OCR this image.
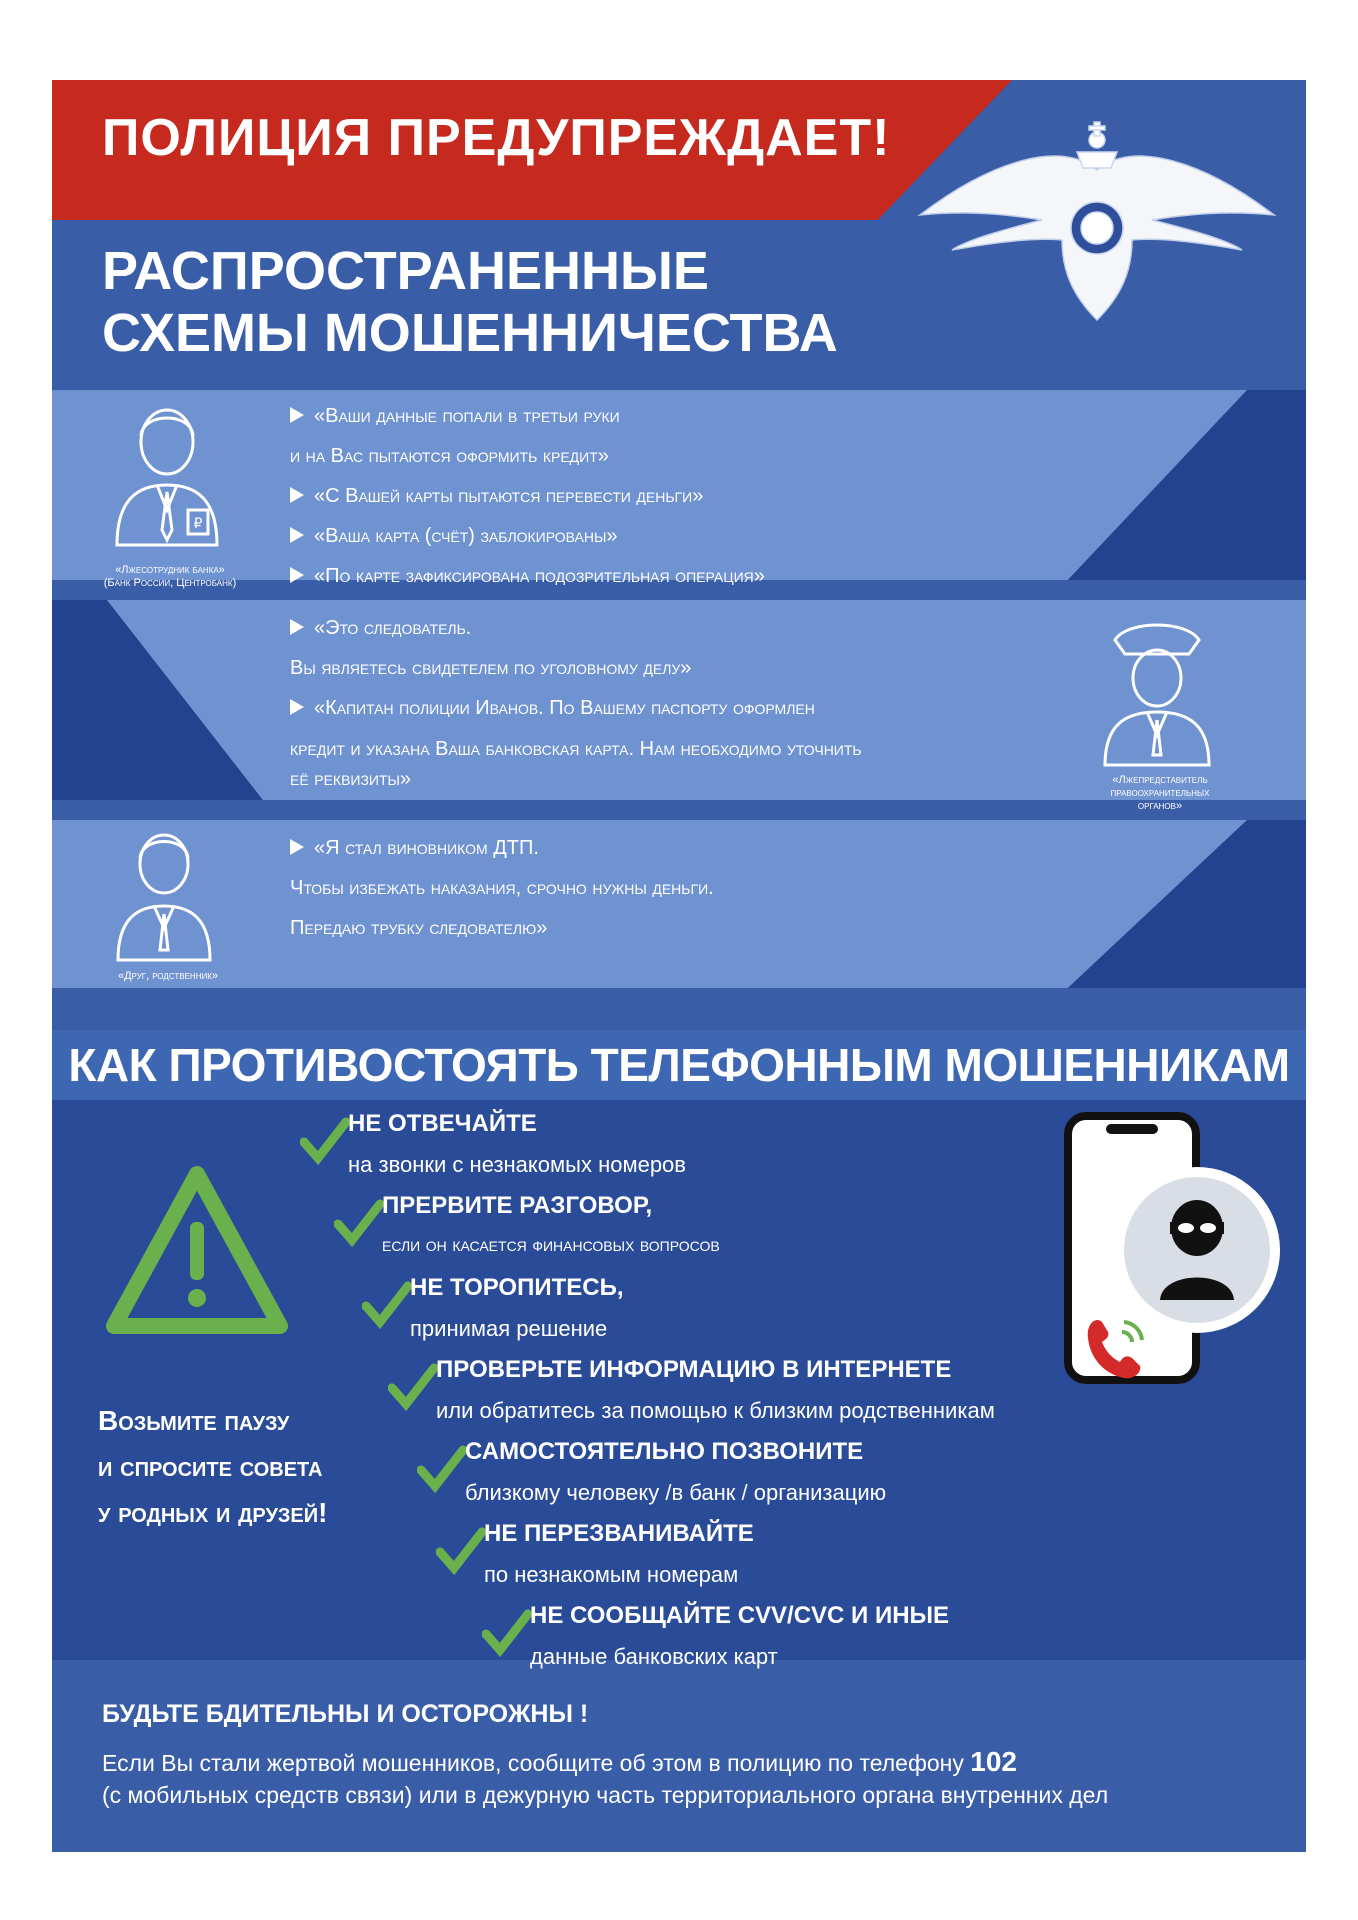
ПОЛИЦИЯ ПРЕДУПРЕЖДАЕТ!
РАСПРОСТРАНЕННЫЕ
СХЕМЫ МОШЕННИЧЕСТВА
₽
«Лжесотрудник банка»
(Банк России, Центробанк)
«Ваши данные попали в третьи руки
и на Вас пытаются оформить кредит»
«С Вашей карты пытаются перевести деньги»
«Ваша карта (счёт) заблокированы»
«По карте зафиксирована подозрительная операция»
«Это следователь.
Вы являетесь свидетелем по уголовному делу»
«Капитан полиции Иванов. По Вашему паспорту оформлен
кредит и указана Ваша банковская карта. Нам необходимо уточнить
её реквизиты»	«Лжепредставитель
правоохранительных
органов»
«Друг, родственник»
«Я стал виновником ДТП.
Чтобы избежать наказания, срочно нужны деньги.
Передаю трубку следователю»
КАК ПРОТИВОСТОЯТЬ ТЕЛЕФОННЫМ МОШЕННИКАМ
Возьмите паузу
и спросите совета
у родных и друзей!
НЕ ОТВЕЧАЙТЕ
на звонки с незнакомых номеров
ПРЕРВИТЕ РАЗГОВОР,
если он касается финансовых вопросов
НЕ ТОРОПИТЕСЬ,
принимая решение
ПРОВЕРЬТЕ ИНФОРМАЦИЮ В ИНТЕРНЕТЕ
или обратитесь за помощью к близким родственникам
САМОСТОЯТЕЛЬНО ПОЗВОНИТЕ
близкому человеку /в банк / организацию
НЕ ПЕРЕЗВАНИВАЙТЕ
по незнакомым номерам
НЕ СООБЩАЙТЕ CVV/CVC И ИНЫЕ
данные банковских карт
БУДЬТЕ БДИТЕЛЬНЫ И ОСТОРОЖНЫ !
Если Вы стали жертвой мошенников, сообщите об этом в полицию по телефону 102
(с мобильных средств связи) или в дежурную часть территориального органа внутренних дел
